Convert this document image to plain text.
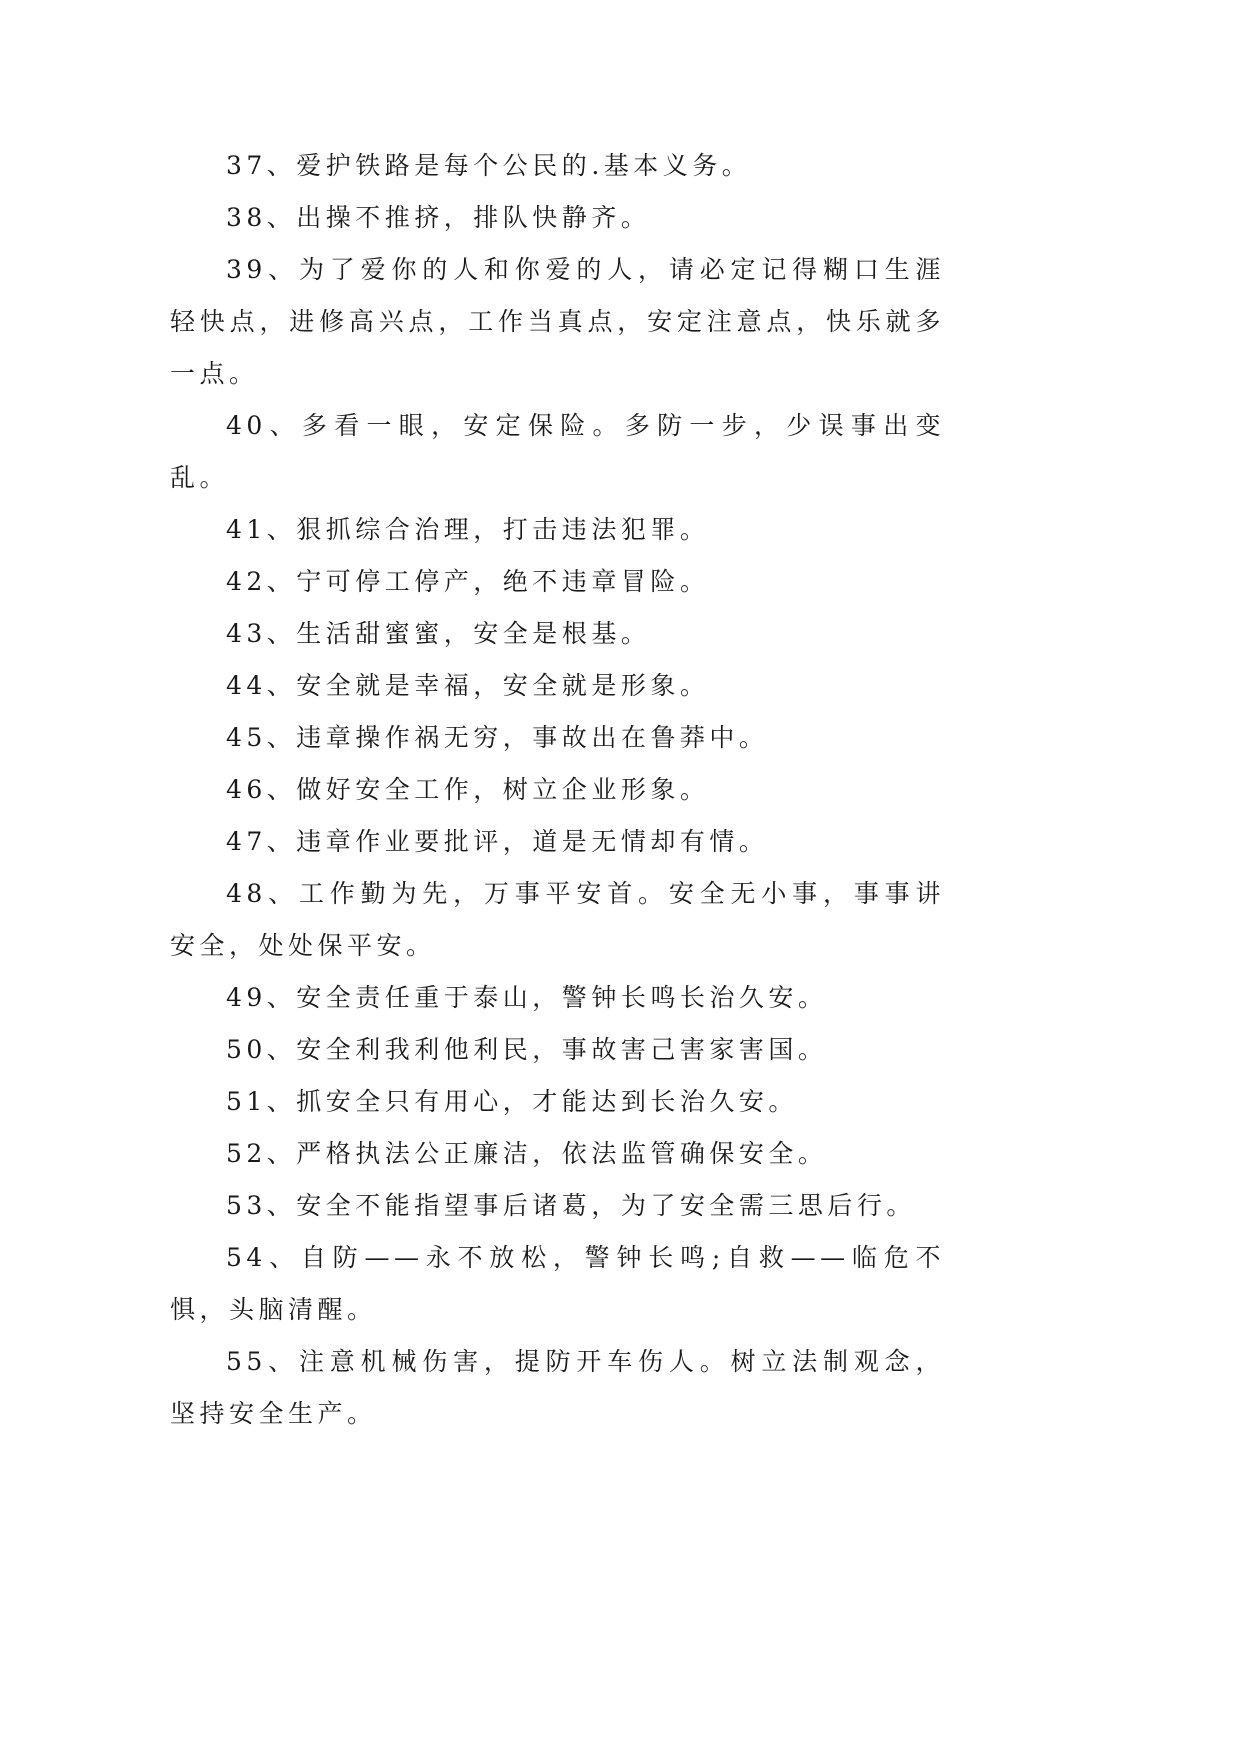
37、爱护铁路是每个公民的.基本义务。

38、出操不推挤，排队快静齐。

39、为了爱你的人和你爱的人，请必定记得糊口生涯轻快点，进修高兴点，工作当真点，安定注意点，快乐就多一点。

40、多看一眼，安定保险。多防一步，少误事出变乱。

41、狠抓综合治理，打击违法犯罪。

42、宁可停工停产，绝不违章冒险。

43、生活甜蜜蜜，安全是根基。

44、安全就是幸福，安全就是形象。

45、违章操作祸无穷，事故出在鲁莽中。

46、做好安全工作，树立企业形象。

47、违章作业要批评，道是无情却有情。

48、工作勤为先，万事平安首。安全无小事，事事讲安全，处处保平安。

49、安全责任重于泰山，警钟长鸣长治久安。

50、安全利我利他利民，事故害己害家害国。

51、抓安全只有用心，才能达到长治久安。

52、严格执法公正廉洁，依法监管确保安全。

53、安全不能指望事后诸葛，为了安全需三思后行。

54、自防——永不放松，警钟长鸣;自救——临危不惧，头脑清醒。

55、注意机械伤害，提防开车伤人。树立法制观念，坚持安全生产。
